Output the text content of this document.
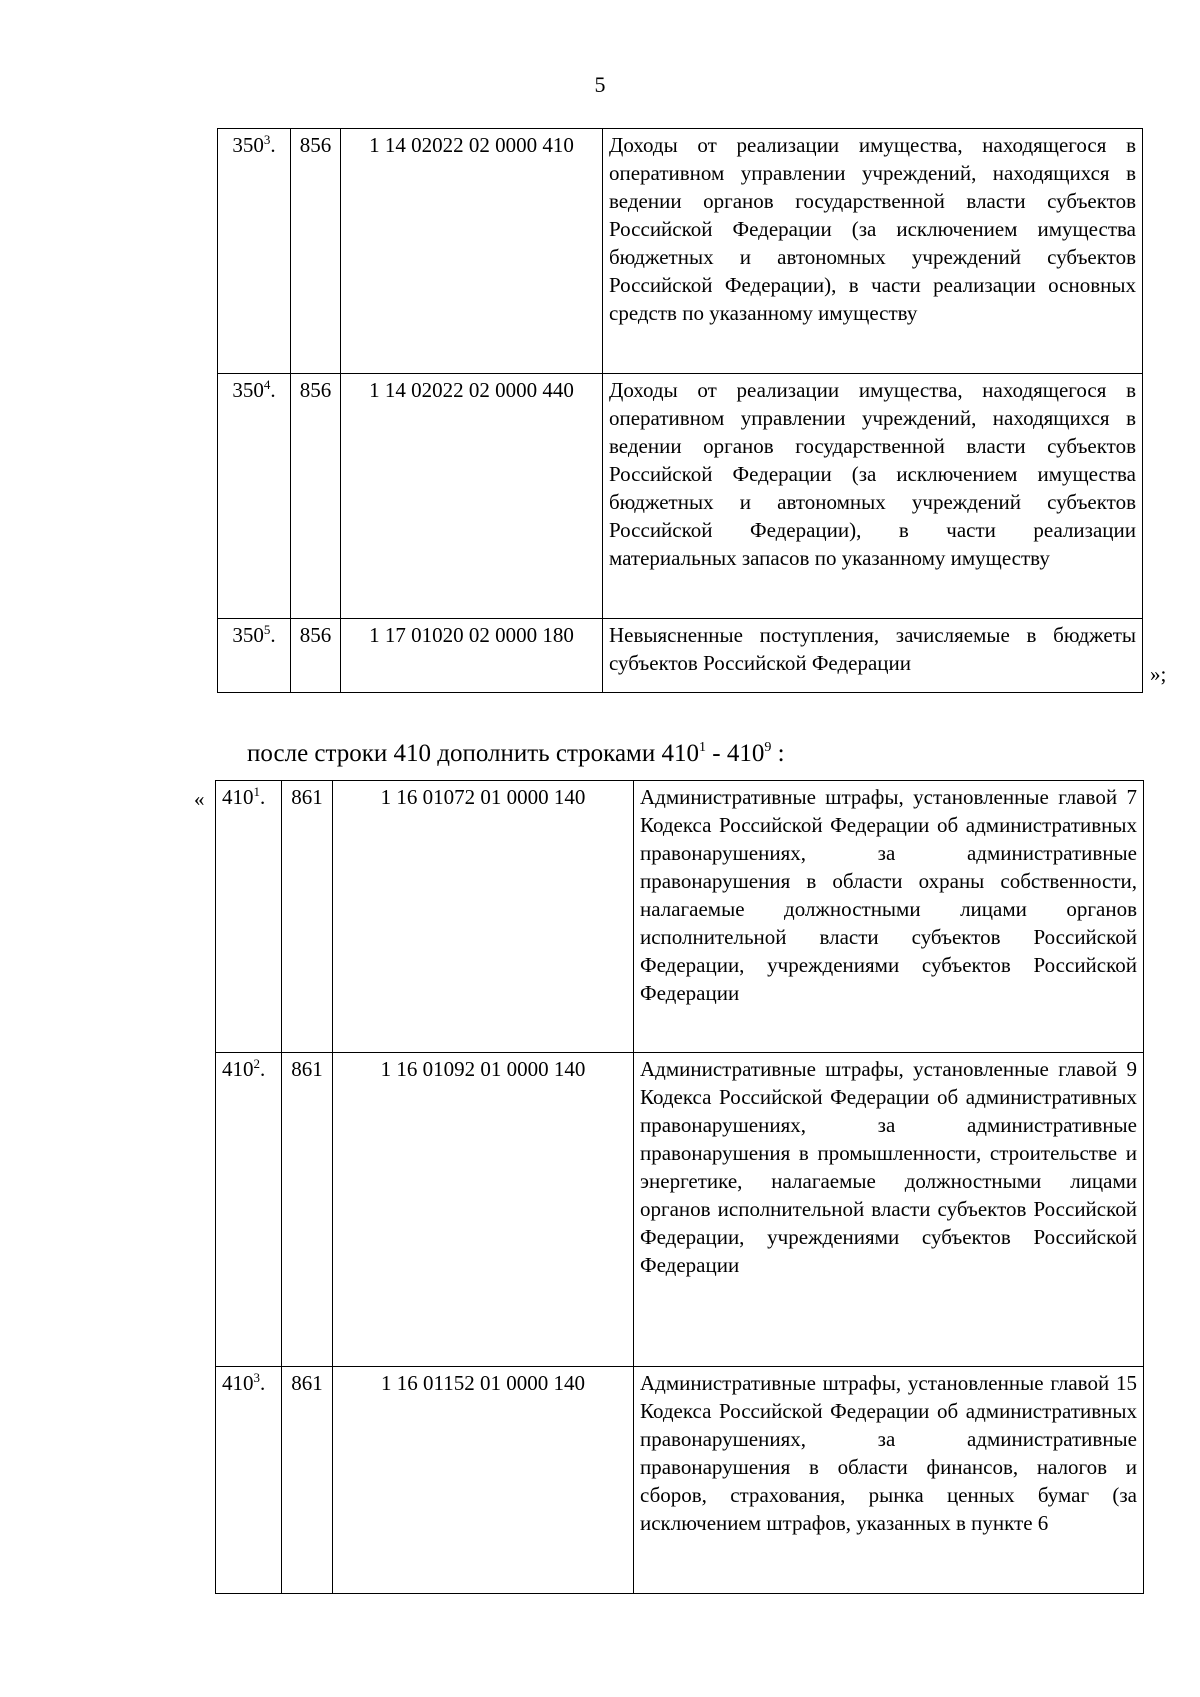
5
$350^3$.	856	1 14 02022 02 0000 410	Доходы от реализации имущества, находящегося в оперативном управлении учреждений, находящихся в ведении органов государственной власти субъектов Российской Федерации (за исключением имущества бюджетных и автономных учреждений субъектов Российской Федерации), в части реализации основных средств по указанному имуществу
$350^4$.	856	1 14 02022 02 0000 440	Доходы от реализации имущества, находящегося в оперативном управлении учреждений, находящихся в ведении органов государственной власти субъектов Российской Федерации (за исключением имущества бюджетных и автономных учреждений субъектов Российской Федерации), в части реализации материальных запасов по указанному имуществу
$350^5$.	856	1 17 01020 02 0000 180	Невыясненные поступления, зачисляемые в бюджеты субъектов Российской Федерации	»;
после строки 410 дополнить строками $410^1 - 410^9$ :
« $410^1$.	861	1 16 01072 01 0000 140	Административные штрафы, установленные главой 7 Кодекса Российской Федерации об административных правонарушениях, за административные правонарушения в области охраны собственности, налагаемые должностными лицами органов исполнительной власти субъектов Российской Федерации, учреждениями субъектов Российской Федерации
$410^2$.	861	1 16 01092 01 0000 140	Административные штрафы, установленные главой 9 Кодекса Российской Федерации об административных правонарушениях, за административные правонарушения в промышленности, строительстве и энергетике, налагаемые должностными лицами органов исполнительной власти субъектов Российской Федерации, учреждениями субъектов Российской Федерации
$410^3$.	861	1 16 01152 01 0000 140	Административные штрафы, установленные главой 15 Кодекса Российской Федерации об административных правонарушениях, за административные правонарушения в области финансов, налогов и сборов, страхования, рынка ценных бумаг (за исключением штрафов, указанных в пункте 6
